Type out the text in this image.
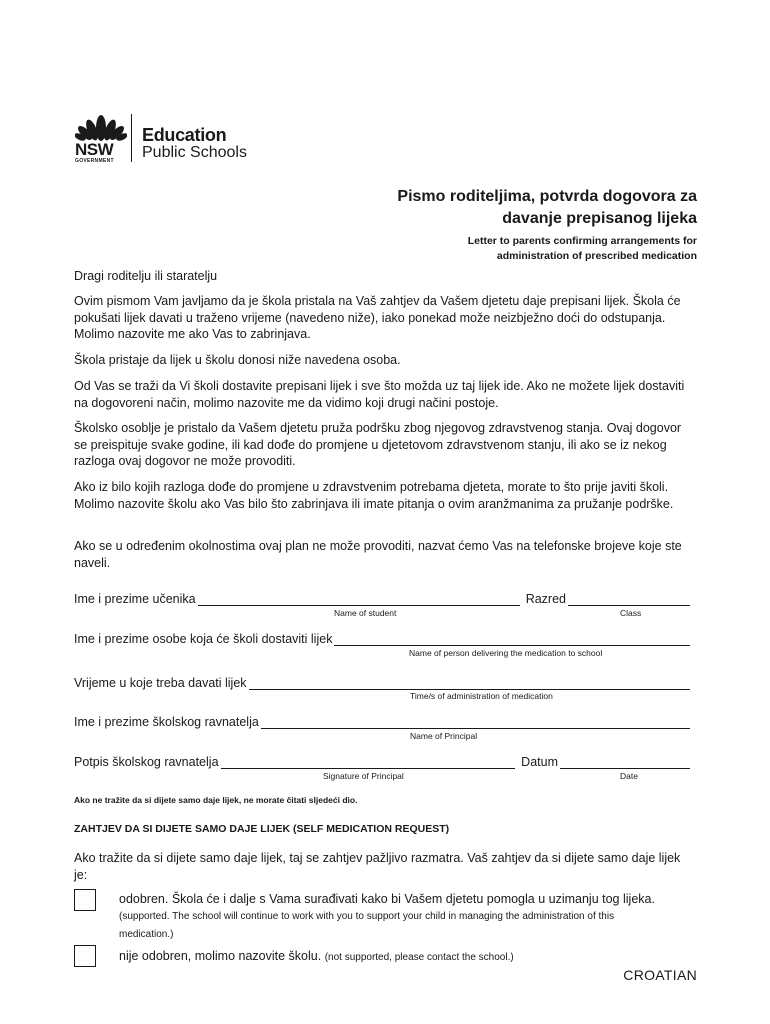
NSW
GOVERNMENT
Education
Public Schools
Pismo roditeljima, potvrda dogovora za
davanje prepisanog lijeka
Letter to parents confirming arrangements for
administration of prescribed medication

Dragi roditelju ili staratelju

Ovim pismom Vam javljamo da je škola pristala na Vaš zahtjev da Vašem djetetu daje prepisani lijek. Škola će pokušati lijek davati u traženo vrijeme (navedeno niže), iako ponekad može neizbježno doći do odstupanja. Molimo nazovite me ako Vas to zabrinjava.

Škola pristaje da lijek u školu donosi niže navedena osoba.

Od Vas se traži da Vi školi dostavite prepisani lijek i sve što možda uz taj lijek ide. Ako ne možete lijek dostaviti na dogovoreni način, molimo nazovite me da vidimo koji drugi načini postoje.

Školsko osoblje je pristalo da Vašem djetetu pruža podršku zbog njegovog zdravstvenog stanja. Ovaj dogovor se preispituje svake godine, ili kad dođe do promjene u djetetovom zdravstvenom stanju, ili ako se iz nekog razloga ovaj dogovor ne može provoditi.

Ako iz bilo kojih razloga dođe do promjene u zdravstvenim potrebama djeteta, morate to što prije javiti školi. Molimo nazovite školu ako Vas bilo što zabrinjava ili imate pitanja o ovim aranžmanima za pružanje podrške.

Ako se u određenim okolnostima ovaj plan ne može provoditi, nazvat ćemo Vas na telefonske brojeve koje ste naveli.

Ime i prezime učenika	Razred
Name of student	Class
Ime i prezime osobe koja će školi dostaviti lijek
Name of person delivering the medication to school
Vrijeme u koje treba davati lijek
Time/s of administration of medication
Ime i prezime školskog ravnatelja
Name of Principal
Potpis školskog ravnatelja	Datum
Signature of Principal	Date
Ako ne tražite da si dijete samo daje lijek, ne morate čitati sljedeći dio.
ZAHTJEV DA SI DIJETE SAMO DAJE LIJEK (SELF MEDICATION REQUEST)

Ako tražite da si dijete samo daje lijek, taj se zahtjev pažljivo razmatra. Vaš zahtjev da si dijete samo daje lijek je:

odobren. Škola će i dalje s Vama surađivati kako bi Vašem djetetu pomogla u uzimanju tog lijeka. (supported. The school will continue to work with you to support your child in managing the administration of this medication.)
nije odobren, molimo nazovite školu. (not supported, please contact the school.)
CROATIAN
